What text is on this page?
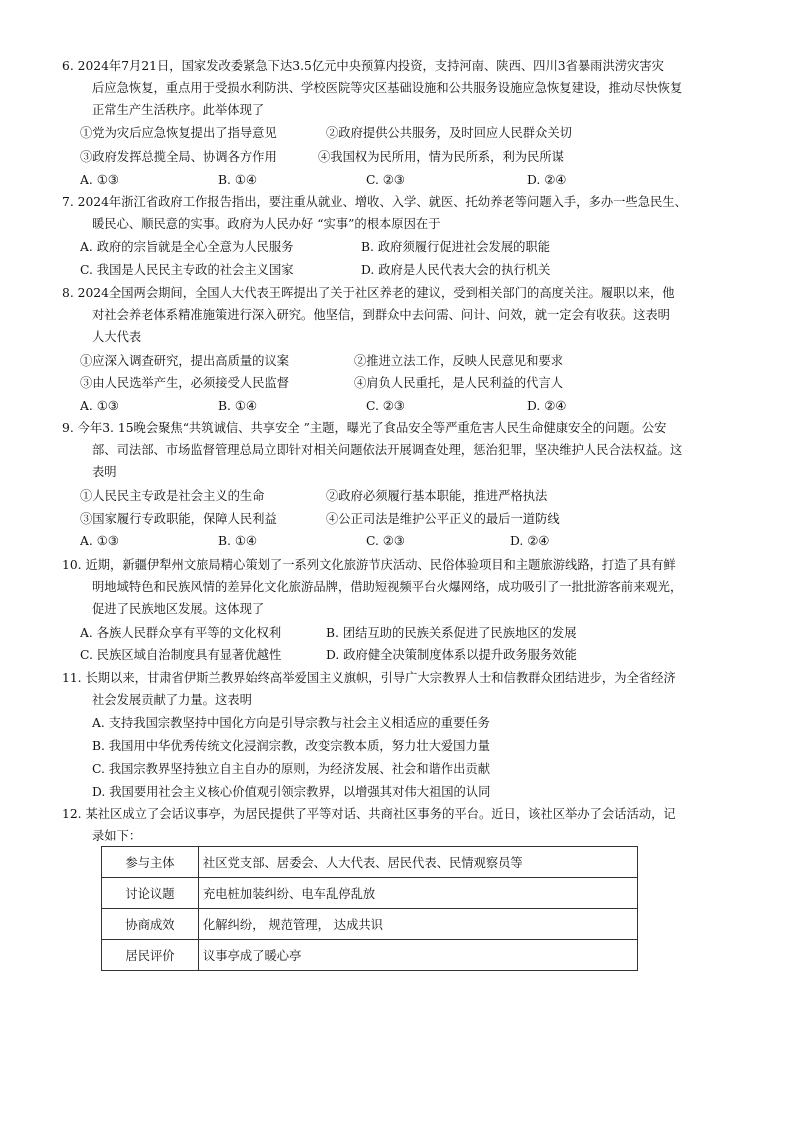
6. 2024年7月21日，国家发改委紧急下达3.5亿元中央预算内投资，支持河南、陕西、四川3省暴雨洪涝灾害灾
后应急恢复，重点用于受损水利防洪、学校医院等灾区基础设施和公共服务设施应急恢复建设，推动尽快恢复
正常生产生活秩序。此举体现了
①党为灾后应急恢复提出了指导意见	②政府提供公共服务，及时回应人民群众关切
③政府发挥总揽全局、协调各方作用	④我国权为民所用，情为民所系，利为民所谋
A. ①③	B. ①④	C. ②③	D. ②④
7. 2024年浙江省政府工作报告指出，要注重从就业、增收、入学、就医、托幼养老等问题入手，多办一些急民生、
暖民心、顺民意的实事。政府为人民办好 “实事”的根本原因在于
A. 政府的宗旨就是全心全意为人民服务	B. 政府须履行促进社会发展的职能
C. 我国是人民民主专政的社会主义国家	D. 政府是人民代表大会的执行机关
8. 2024全国两会期间，全国人大代表王晖提出了关于社区养老的建议，受到相关部门的高度关注。履职以来，他
对社会养老体系精准施策进行深入研究。他坚信，到群众中去问需、问计、问效，就一定会有收获。这表明
人大代表
①应深入调查研究，提出高质量的议案	②推进立法工作，反映人民意见和要求
③由人民选举产生，必须接受人民监督	④肩负人民重托，是人民利益的代言人
A. ①③	B. ①④	C. ②③	D. ②④
9. 今年3. 15晚会聚焦“共筑诚信、共享安全 ”主题，曝光了食品安全等严重危害人民生命健康安全的问题。公安
部、司法部、市场监督管理总局立即针对相关问题依法开展调查处理，惩治犯罪，坚决维护人民合法权益。这
表明
①人民民主专政是社会主义的生命	②政府必须履行基本职能，推进严格执法
③国家履行专政职能，保障人民利益	④公正司法是维护公平正义的最后一道防线
A. ①③	B. ①④	C. ②③	D. ②④
10. 近期，新疆伊犁州文旅局精心策划了一系列文化旅游节庆活动、民俗体验项目和主题旅游线路，打造了具有鲜
明地域特色和民族风情的差异化文化旅游品牌，借助短视频平台火爆网络，成功吸引了一批批游客前来观光，
促进了民族地区发展。这体现了
A. 各族人民群众享有平等的文化权利	B. 团结互助的民族关系促进了民族地区的发展
C. 民族区域自治制度具有显著优越性	D. 政府健全决策制度体系以提升政务服务效能
11. 长期以来，甘肃省伊斯兰教界始终高举爱国主义旗帜，引导广大宗教界人士和信教群众团结进步，为全省经济
社会发展贡献了力量。这表明
A. 支持我国宗教坚持中国化方向是引导宗教与社会主义相适应的重要任务
B. 我国用中华优秀传统文化浸润宗教，改变宗教本质，努力壮大爱国力量
C. 我国宗教界坚持独立自主自办的原则，为经济发展、社会和谐作出贡献
D. 我国要用社会主义核心价值观引领宗教界，以增强其对伟大祖国的认同
12. 某社区成立了会话议事亭，为居民提供了平等对话、共商社区事务的平台。近日，该社区举办了会话活动，记
录如下：
参与主体	社区党支部、居委会、人大代表、居民代表、民情观察员等
讨论议题	充电桩加装纠纷、电车乱停乱放
协商成效	化解纠纷， 规范管理， 达成共识
居民评价	议事亭成了暖心亭
